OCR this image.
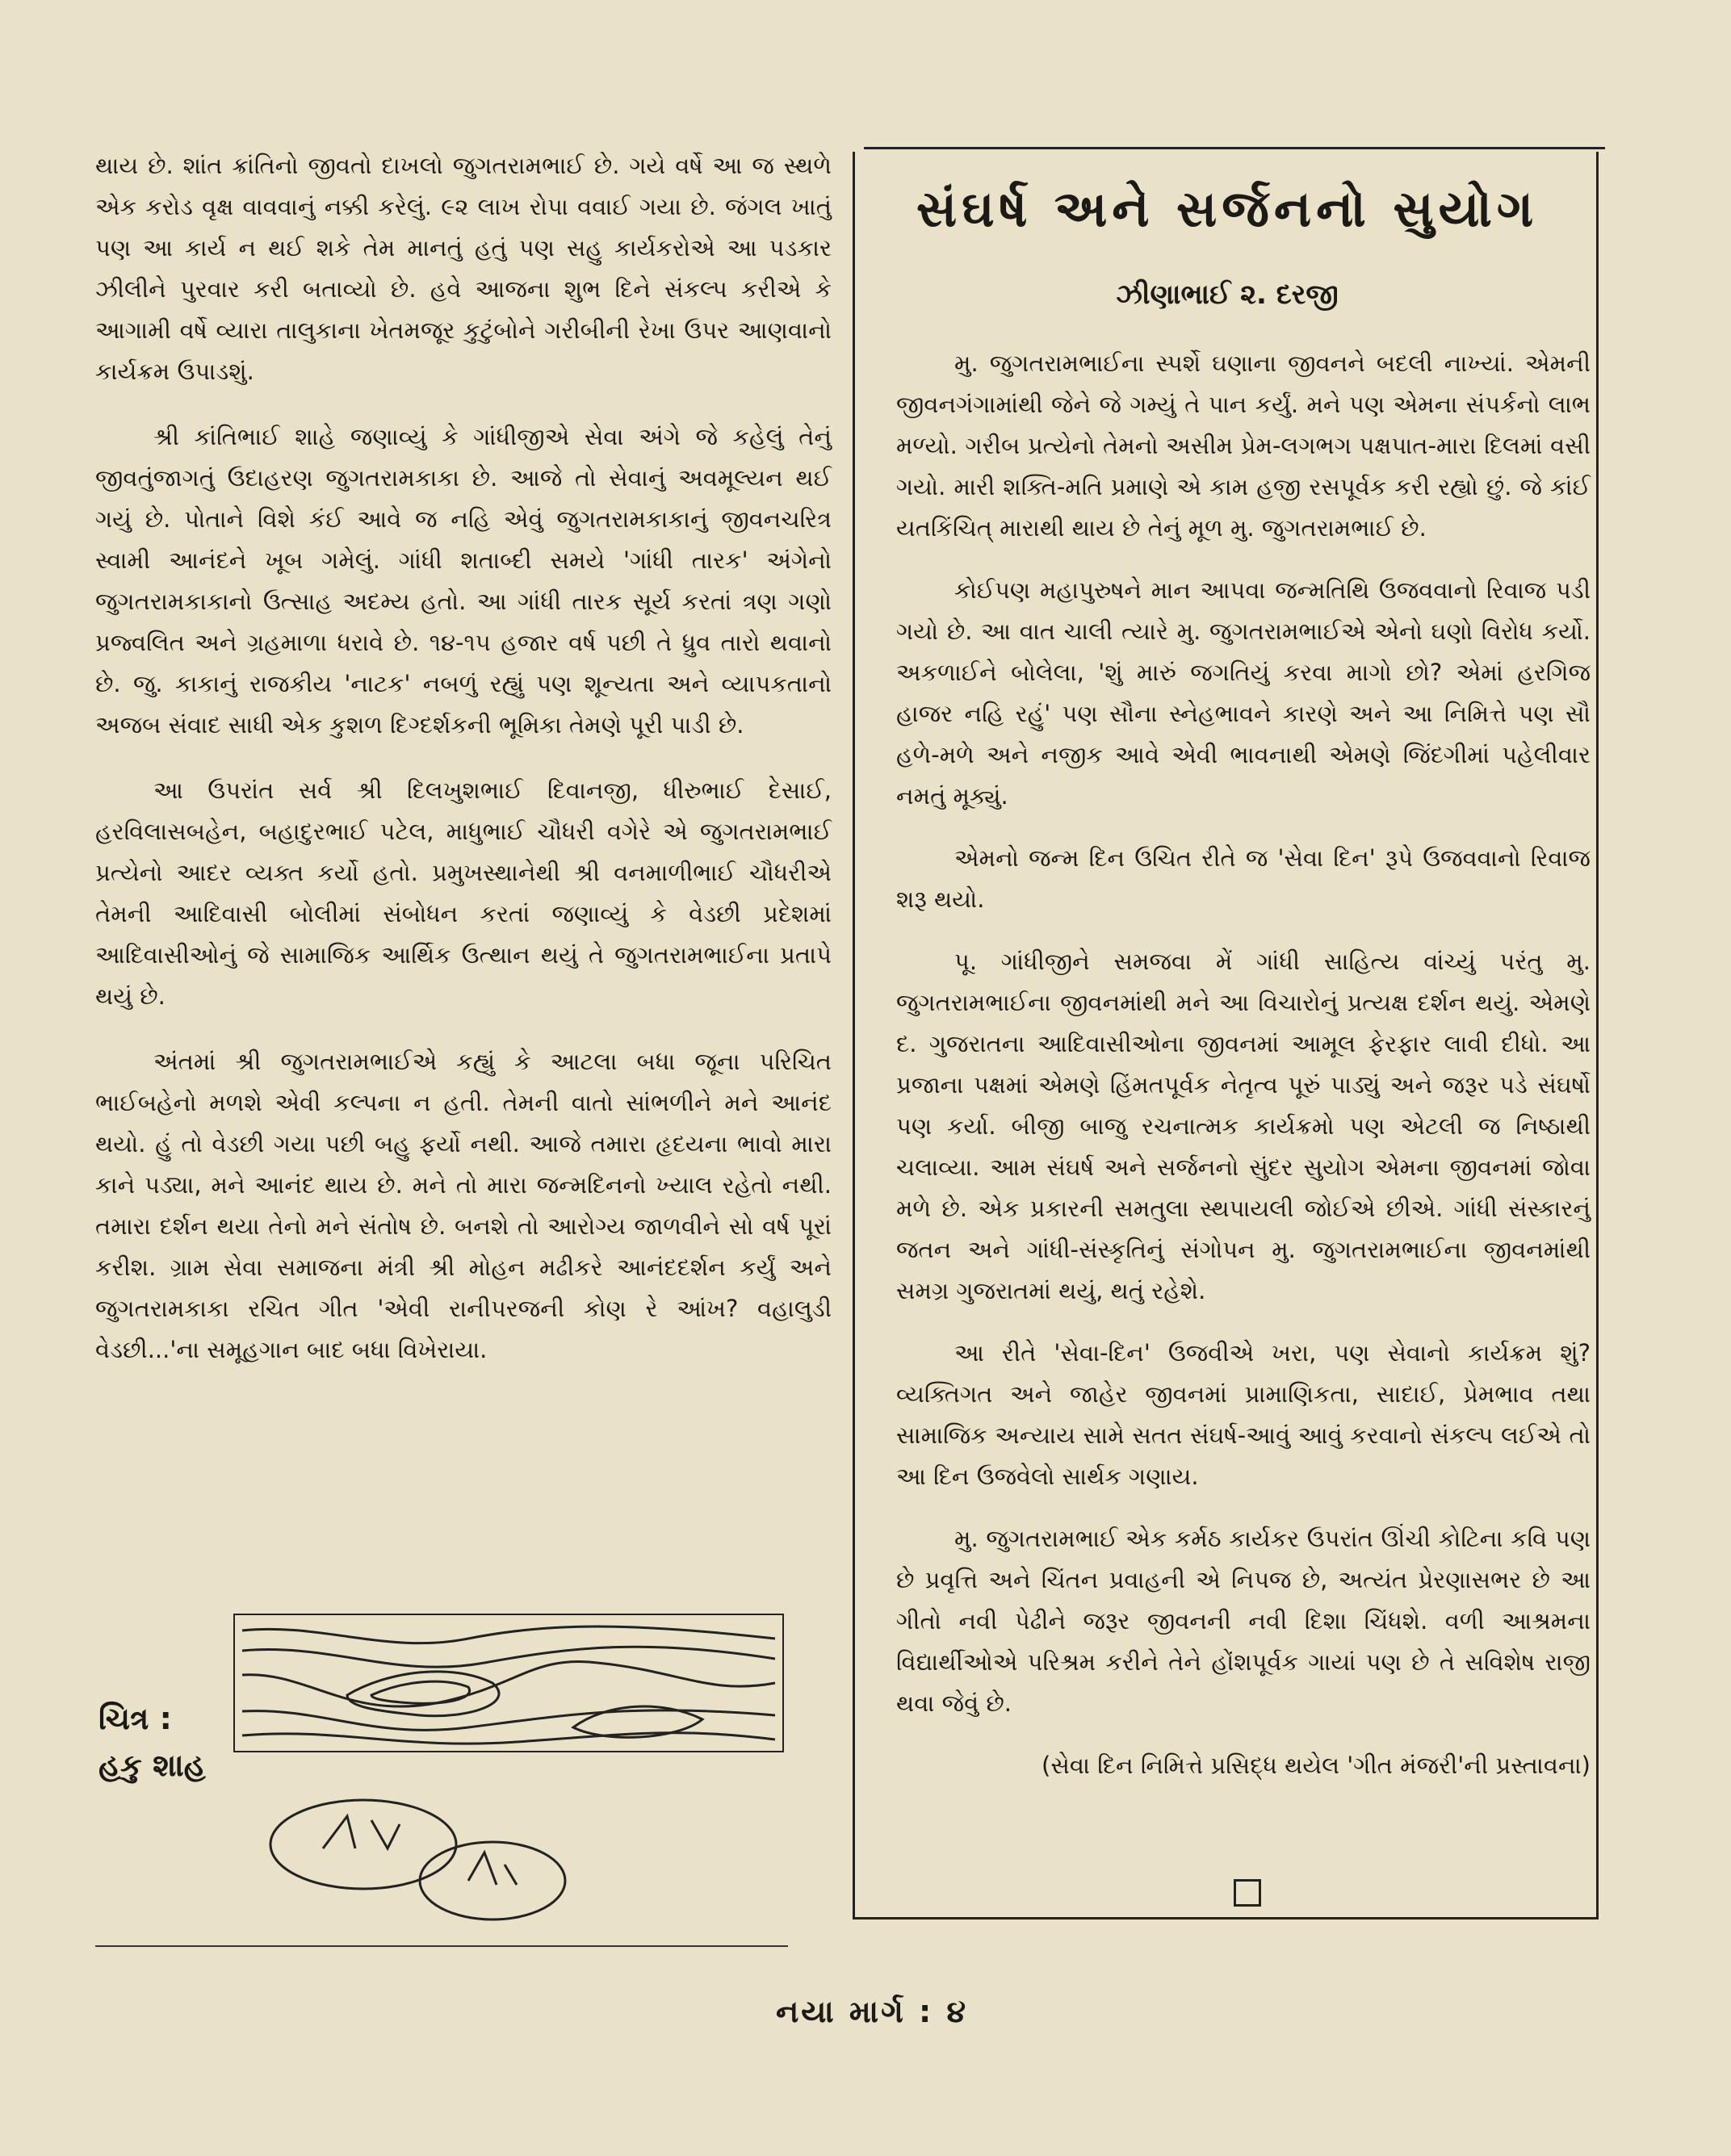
થાય છે. શાંત ક્રાંતિનો જીવતો દાખલો જુગતરામભાઈ છે. ગયે વર્ષે આ જ સ્થળે એક કરોડ વૃક્ષ વાવવાનું નક્કી કરેલું. ૯૨ લાખ રોપા વવાઈ ગયા છે. જંગલ ખાતું પણ આ કાર્ય ન થઈ શકે તેમ માનતું હતું પણ સહુ કાર્યકરોએ આ પડકાર ઝીલીને પુરવાર કરી બતાવ્યો છે. હવે આજના શુભ દિને સંકલ્પ કરીએ કે આગામી વર્ષે વ્યારા તાલુકાના ખેતમજૂર કુટુંબોને ગરીબીની રેખા ઉપર આણવાનો કાર્યક્રમ ઉપાડશું.

શ્રી કાંતિભાઈ શાહે જણાવ્યું કે ગાંધીજીએ સેવા અંગે જે કહેલું તેનું જીવતુંજાગતું ઉદાહરણ જુગતરામકાકા છે. આજે તો સેવાનું અવમૂલ્યન થઈ ગયું છે. પોતાને વિશે કંઈ આવે જ નહિ એવું જુગતરામકાકાનું જીવનચરિત્ર સ્વામી આનંદને ખૂબ ગમેલું. ગાંધી શતાબ્દી સમયે 'ગાંધી તારક' અંગેનો જુગતરામકાકાનો ઉત્સાહ અદમ્ય હતો. આ ગાંધી તારક સૂર્ય કરતાં ત્રણ ગણો પ્રજ્વલિત અને ગ્રહમાળા ધરાવે છે. ૧૪-૧૫ હજાર વર્ષ પછી તે ધ્રુવ તારો થવાનો છે. જુ. કાકાનું રાજકીય 'નાટક' નબળું રહ્યું પણ શૂન્યતા અને વ્યાપકતાનો અજબ સંવાદ સાધી એક કુશળ દિગ્દર્શકની ભૂમિકા તેમણે પૂરી પાડી છે.

આ ઉપરાંત સર્વ શ્રી દિલખુશભાઈ દિવાનજી, ધીરુભાઈ દેસાઈ, હરવિલાસબહેન, બહાદુરભાઈ પટેલ, માધુભાઈ ચૌધરી વગેરે એ જુગતરામભાઈ પ્રત્યેનો આદર વ્યક્ત કર્યો હતો. પ્રમુખસ્થાનેથી શ્રી વનમાળીભાઈ ચૌધરીએ તેમની આદિવાસી બોલીમાં સંબોધન કરતાં જણાવ્યું કે વેડછી પ્રદેશમાં આદિવાસીઓનું જે સામાજિક આર્થિક ઉત્થાન થયું તે જુગતરામભાઈના પ્રતાપે થયું છે.

અંતમાં શ્રી જુગતરામભાઈએ કહ્યું કે આટલા બધા જૂના પરિચિત ભાઈબહેનો મળશે એવી કલ્પના ન હતી. તેમની વાતો સાંભળીને મને આનંદ થયો. હું તો વેડછી ગયા પછી બહુ ફર્યો નથી. આજે તમારા હૃદયના ભાવો મારા કાને પડ્યા, મને આનંદ થાય છે. મને તો મારા જન્મદિનનો ખ્યાલ રહેતો નથી. તમારા દર્શન થયા તેનો મને સંતોષ છે. બનશે તો આરોગ્ય જાળવીને સો વર્ષ પૂરાં કરીશ. ગ્રામ સેવા સમાજના મંત્રી શ્રી મોહન મઢીકરે આનંદદર્શન કર્યું અને જુગતરામકાકા રચિત ગીત 'એવી રાનીપરજની કોણ રે આંખ? વહાલુડી વેડછી...'ના સમૂહગાન બાદ બધા વિખેરાયા.

ચિત્ર :
હકુ શાહ
સંઘર્ષ અને સર્જનનો સુયોગ
ઝીણાભાઈ ૨. દરજી

મુ. જુગતરામભાઈના સ્પર્શે ઘણાના જીવનને બદલી નાખ્યાં. એમની જીવનગંગામાંથી જેને જે ગમ્યું તે પાન કર્યું. મને પણ એમના સંપર્કનો લાભ મળ્યો. ગરીબ પ્રત્યેનો તેમનો અસીમ પ્રેમ-લગભગ પક્ષપાત-મારા દિલમાં વસી ગયો. મારી શક્તિ-મતિ પ્રમાણે એ કામ હજી રસપૂર્વક કરી રહ્યો છું. જે કાંઈ યતકિંચિત્ મારાથી થાય છે તેનું મૂળ મુ. જુગતરામભાઈ છે.

કોઈપણ મહાપુરુષને માન આપવા જન્મતિથિ ઉજવવાનો રિવાજ પડી ગયો છે. આ વાત ચાલી ત્યારે મુ. જુગતરામભાઈએ એનો ઘણો વિરોધ કર્યો. અકળાઈને બોલેલા, 'શું મારું જગતિયું કરવા માગો છો? એમાં હરગિજ હાજર નહિ રહું' પણ સૌના સ્નેહભાવને કારણે અને આ નિમિત્તે પણ સૌ હળે-મળે અને નજીક આવે એવી ભાવનાથી એમણે જિંદગીમાં પહેલીવાર નમતું મૂક્યું.

એમનો જન્મ દિન ઉચિત રીતે જ 'સેવા દિન' રૂપે ઉજવવાનો રિવાજ શરૂ થયો.

પૂ. ગાંધીજીને સમજવા મેં ગાંધી સાહિત્ય વાંચ્યું પરંતુ મુ. જુગતરામભાઈના જીવનમાંથી મને આ વિચારોનું પ્રત્યક્ષ દર્શન થયું. એમણે દ. ગુજરાતના આદિવાસીઓના જીવનમાં આમૂલ ફેરફાર લાવી દીધો. આ પ્રજાના પક્ષમાં એમણે હિંમતપૂર્વક નેતૃત્વ પૂરું પાડ્યું અને જરૂર પડે સંઘર્ષો પણ કર્યા. બીજી બાજુ રચનાત્મક કાર્યક્રમો પણ એટલી જ નિષ્ઠાથી ચલાવ્યા. આમ સંઘર્ષ અને સર્જનનો સુંદર સુયોગ એમના જીવનમાં જોવા મળે છે. એક પ્રકારની સમતુલા સ્થપાયલી જોઈએ છીએ. ગાંધી સંસ્કારનું જતન અને ગાંધી-સંસ્કૃતિનું સંગોપન મુ. જુગતરામભાઈના જીવનમાંથી સમગ્ર ગુજરાતમાં થયું, થતું રહેશે.

આ રીતે 'સેવા-દિન' ઉજવીએ ખરા, પણ સેવાનો કાર્યક્રમ શું? વ્યક્તિગત અને જાહેર જીવનમાં પ્રામાણિકતા, સાદાઈ, પ્રેમભાવ તથા સામાજિક અન્યાય સામે સતત સંઘર્ષ-આવું આવું કરવાનો સંકલ્પ લઈએ તો આ દિન ઉજવેલો સાર્થક ગણાય.

મુ. જુગતરામભાઈ એક કર્મઠ કાર્યકર ઉપરાંત ઊંચી કોટિના કવિ પણ છે પ્રવૃત્તિ અને ચિંતન પ્રવાહની એ નિપજ છે, અત્યંત પ્રેરણાસભર છે આ ગીતો નવી પેઢીને જરૂર જીવનની નવી દિશા ચિંધશે. વળી આશ્રમના વિદ્યાર્થીઓએ પરિશ્રમ કરીને તેને હોંશપૂર્વક ગાયાં પણ છે તે સવિશેષ રાજી થવા જેવું છે.

(સેવા દિન નિમિત્તે પ્રસિદ્ધ થયેલ 'ગીત મંજરી'ની પ્રસ્તાવના)

નયા માર્ગ : ૪
